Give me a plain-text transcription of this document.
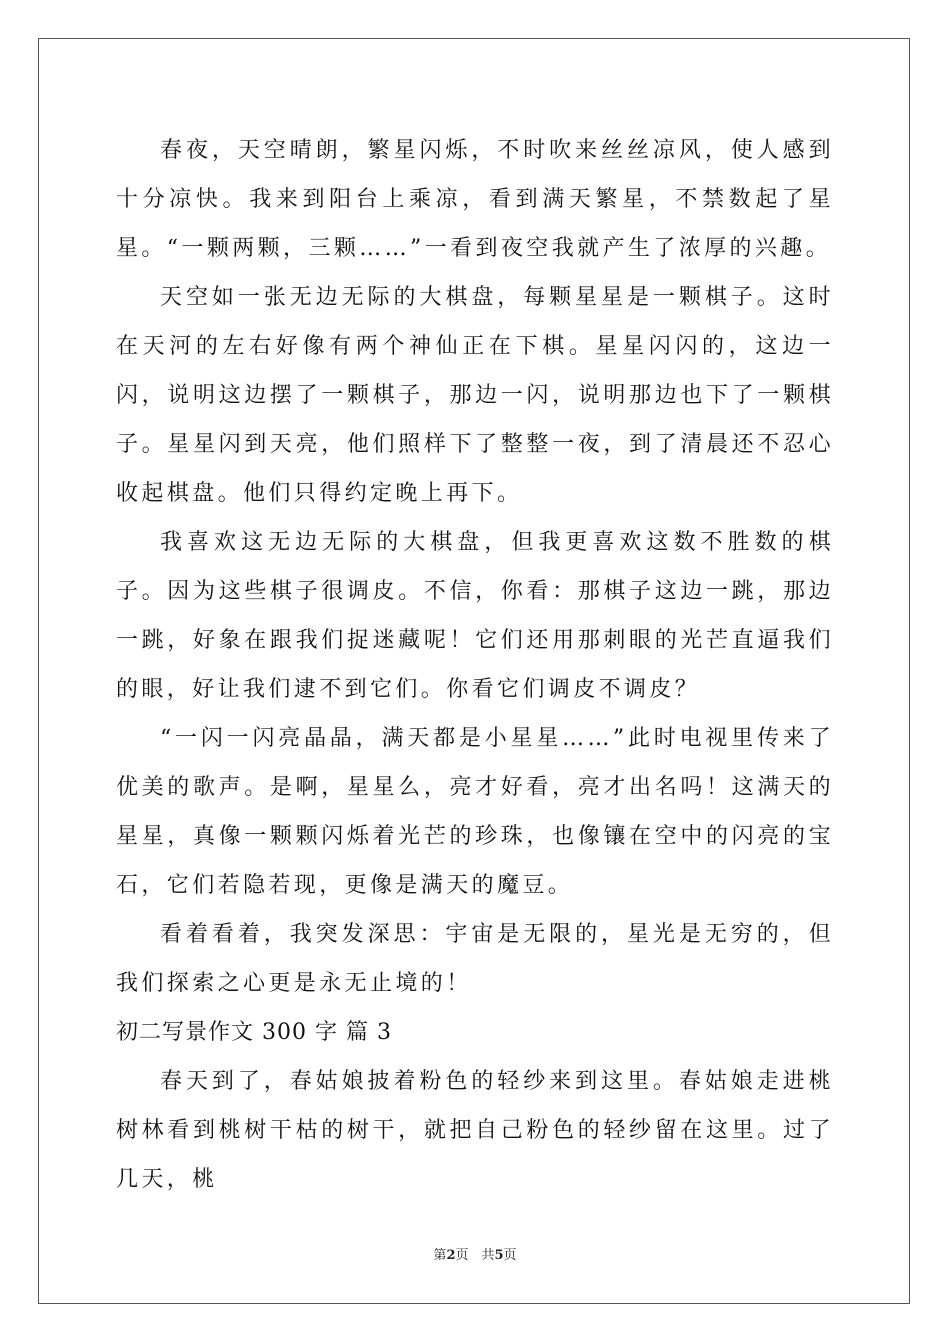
春夜，天空晴朗，繁星闪烁，不时吹来丝丝凉风，使人感到十分凉快。我来到阳台上乘凉，看到满天繁星，不禁数起了星星。“一颗两颗，三颗……”一看到夜空我就产生了浓厚的兴趣。

天空如一张无边无际的大棋盘，每颗星星是一颗棋子。这时在天河的左右好像有两个神仙正在下棋。星星闪闪的，这边一闪，说明这边摆了一颗棋子，那边一闪，说明那边也下了一颗棋子。星星闪到天亮，他们照样下了整整一夜，到了清晨还不忍心收起棋盘。他们只得约定晚上再下。

我喜欢这无边无际的大棋盘，但我更喜欢这数不胜数的棋子。因为这些棋子很调皮。不信，你看：那棋子这边一跳，那边一跳，好象在跟我们捉迷藏呢！它们还用那刺眼的光芒直逼我们的眼，好让我们逮不到它们。你看它们调皮不调皮？

“一闪一闪亮晶晶，满天都是小星星……”此时电视里传来了优美的歌声。是啊，星星么，亮才好看，亮才出名吗！这满天的星星，真像一颗颗闪烁着光芒的珍珠，也像镶在空中的闪亮的宝石，它们若隐若现，更像是满天的魔豆。

看着看着，我突发深思：宇宙是无限的，星光是无穷的，但我们探索之心更是永无止境的！

初二写景作文 300 字 篇 3

春天到了，春姑娘披着粉色的轻纱来到这里。春姑娘走进桃树林看到桃树干枯的树干，就把自己粉色的轻纱留在这里。过了几天，桃

第2页　共5页
